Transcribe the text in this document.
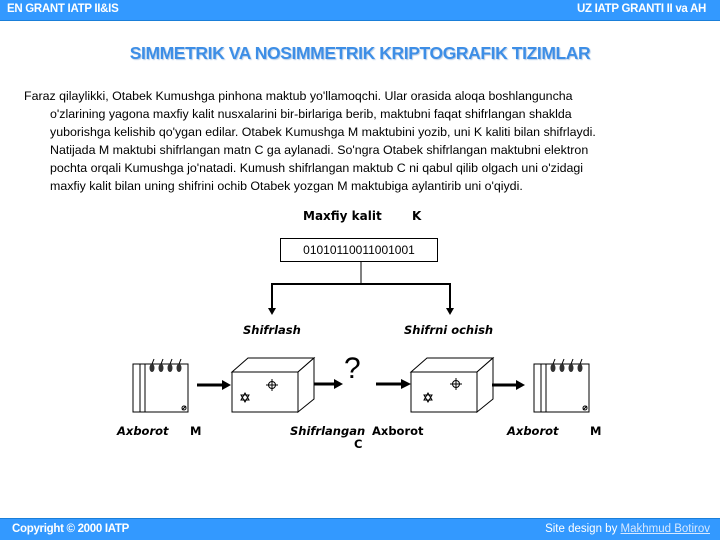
EN GRANT IATP II&IS	UZ IATP GRANTI II va AH
SIMMETRIK VA NOSIMMETRIK KRIPTOGRAFIK TIZIMLAR
Faraz qilaylikki, Otabek Kumushga pinhona maktub yo'llamoqchi. Ular orasida aloqa boshlanguncha
o'zlarining yagona maxfiy kalit nusxalarini bir-birlariga berib, maktubni faqat shifrlangan shaklda
yuborishga kelishib qo'ygan edilar. Otabek Kumushga M maktubini yozib, uni K kaliti bilan shifrlaydi.
Natijada M maktubi shifrlangan matn C ga aylanadi. So'ngra Otabek shifrlangan maktubni elektron
pochta orqali Kumushga jo'natadi. Kumush shifrlangan maktub C ni qabul qilib olgach uni o'zidagi
maxfiy kalit bilan uning shifrini ochib Otabek yozgan M maktubiga aylantirib uni o'qiydi.
Maxfiy kalit	K
01010110011001001
Shifrlash	Shifrni ochish
?
Axborot M	Shifrlangan Axborot
C
Axborot	M
Copyright © 2000 IATP	Site design by Makhmud Botirov
